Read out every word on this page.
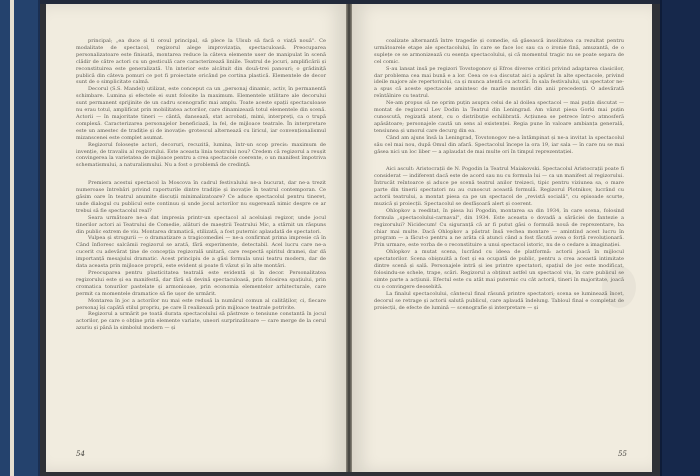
principal; „ea duce și ti oroul principal, să plece la Ulsub să facă o viață nouă". Ce modalitate de spectacol, regizorul alege improvizația, spectaculoasă. Preocuparea personalizatoare este finisată, montarea reduce la câteva elemente user de manipulat în scenă clădir de către actori cu un gesticulă care caracterizează liniile. Teatrul de jocuri, amplificării și reconstituirea este generalizată. Un interior este alcătuit din două-trei panouri; o grădiniță publică din câteva pomuri ce pot fi proiectate oricând pe cortina plastică. Elementele de decor sunt de o simplicitate calmă.

Decorul (S.S. Mandel) utilizat, este conceput ca un „personaj dinamic, activ, în permanentă schimbare. Lumina și efectele ei sunt folosite la maximum. Elementele utilitare ale decorului sunt permanent sprijinite de un cadru scenografic mai amplu. Toate aceste spații spectaculoase nu erau totul, amplificat prin mobilitatea actorilor, care dinamizează totul elementele din scenă. Actorii — în majoritate tineri — cântă, dansează, stat acrobați, mimi, interpreți, ca o trupă complexă. Caracterizarea personajelor beneficiază, la fel, de mijloace teatrale. În interpretare este un amestec de tradiție și de inovație: grotescul alternează cu liricul, iar convenționalismul mizanscenei este complet asumat.

Regizorul folosește actori, decoruri, recuzită, lumina, într-un scop precis: maximum de invenție, de travaliu al regizorului. Este aceasta linia teatrului nou? Credem că regizorul a reușit convingerea la varietatea de mijloace pentru a crea spectacole coerente, o un manifest împotriva schematismului, a naturalismului. Nu a fost o problemă de credință.

Premiera acestui spectacol la Moscova în cadrul festivalului ne-a bucurat, dar ne-a trezit numeroase întrebări privind raporturile dintre tradiție și inovație în teatrul contemporan. Ce găsim oare în teatrul anumite discuții minimalizatoare? Ce aduce spectacolul pentru tineret, unde dialogul cu publicul este continuu și unde jocul actorilor nu sugerează nimic despre ce ar trebui să fie spectacolul real?

Seara următoare ne-a dat impresia printr-un spectacol al aceluiași regizor, unde jocul tinerilor actori ai Teatrului de Comedie, alături de maeștrii Teatrului Mic, a stârnit un răspuns din public extrem de viu. Montarea dramatică, stilizată, a fost puternic aplaudată de spectatori.

Vulpea și strugurii — o dramatizare a tragicomediei — ne-a confirmat prima impresie că în Când înfloresc salcâmii regizorul se arată, fără experimente, detectabil. Acel lucru care ne-a cucerit cu adevărat ține de concepția regizorală unitară, care respectă spiritul dramei, dar dă importanță mesajului dramatic. Acest principiu de a găsi formula unui teatru modern, dar de data aceasta prin mijloace proprii, este evident și poate fi văzut și în alte montări.

Preocuparea pentru plasticitatea teatrală este evidentă și în decor. Personalitatea regizorului este și ea manifestă, dar fără să devină spectaculoasă, prin folosirea spațiului, prin cromatica tonurilor pastelate și armonioase, prin economia elementelor arhitecturale, care permit ca momentele dramatice să fie ușor de urmărit.

Montarea în joc a actorilor nu mai este redusă la numărul comun al calităților, ci, fiecare personaj își capătă stilul propriu, pe care îl realizează prin mijloace teatrale potrivite.

Regizorul a urmărit pe toată durata spectacolului să păstreze o tensiune constantă în jocul actorilor, pe care o obține prin elemente variate, uneori surprinzătoare — care merge de la cerul azuriu și până la simbolul modern — și

54

coalizate alternantă între tragedie și comedie, să găsească insolitatea ca rezultat pentru următoarele etape ale spectacolului, în care se face loc sau ca o ironie fină, amuzantă, de o suplețe ce se armonizează cu esența spectacolului, și că momentul tragic nu se poate separa de cel comic.

S-au lansat insă pe regizori Tovstogonov și Efros diverse critici privind adaptarea clasicilor, dar problema cea mai bună e a lor. Ceea ce s-a discutat aici a apărut în alte spectacole, privind ideile majore ale repertoriului, ca și munca atentă cu actorii. În sala festivalului, un spectator ne-a spus că aceste spectacole amintesc de marile montări din anii precedenți. O adevărată reîntâlnire cu teatrul.

Ne-am propus să ne oprim puțin asupra celui de al doilea spectacol — mai puțin discutat — montat de regizorul Lev Dodin la Teatrul din Leningrad. Am văzut piesa Gorki mai puțin cunoscută, regizată atent, cu o distribuție echilibrată. Acțiunea se petrece într-o atmosferă apăsătoare; personajele caută un sens al existenței. Regia pune în valoare ambianța generală, tensiunea și umorul care decurg din ea.

Când am ajuns însă la Leningrad, Tovstonogov ne-a întâmpinat și ne-a invitat la spectacolul său cel mai nou, după Omul din afară. Spectacolul începe la ora 19, iar sala — în care nu se mai găsea nici un loc liber — a aplaudat de mai multe ori în timpul reprezentației.

Aici ascult: Aristocrații de N. Pogodin la Teatrul Maiakovski. Spectacolul Aristocrații poate fi considerat — indiferent dacă este de acord sau nu cu formula lui — ca un manifest al regizorului. Întrucât reîntoarce și aduce pe scenă teatrul anilor treizeci, tipic pentru viziunea sa, o mare parte din tinerii spectatori nu au cunoscut această formulă. Regizorul Plotnikov, lucrând cu actorii teatrului, a montat piesa ca pe un spectacol de „revistă socială", cu episoade scurte, muzică și proiecții. Spectacolul se desfășoară alert și coerent.

Ohlopkov a reeditat, în piesa lui Pogodin, montarea sa din 1934, în care scena, folosind formula „spectacolului-carnaval", din 1934. Este aceasta o dovadă a sărăciei de fantezie a regizorului? Nicidecum! Cu siguranță că ar fi putut găsi o formulă nouă de reprezentare, ba chiar mai multe. Dacă Ohlopkov a păstrat însă vechea montare — amintind acest lucru în program — a făcut-o pentru a ne arăta că atunci când a fost făcută avea o forță revoluționară. Prin urmare, este vorba de o reconstituire a unui spectacol istoric, nu de o cedare a imaginației.

Ohlopkov a mutat scena, lucrând cu ideea de platformă: actorii joacă în mijlocul spectatorilor. Scena obișnuită a fost și ea ocupată de public, pentru a crea această intimitate dintre scenă și sală. Personajele intră și ies printre spectatori, spațiul de joc este modificat, folosindu-se schele, trape, scări. Regizorul a obținut astfel un spectacol viu, în care publicul se simte parte a acțiunii. Efectul este cu atât mai puternic cu cât actorii, tineri în majoritate, joacă cu o convingere deosebită.

La finalul spectacolului, cântecul final răsună printre spectatori; scena se luminează încet, decorul se retrage și actorii salută publicul, care aplaudă îndelung. Tabloul final e completat de proiecții, de efecte de lumină — scenografie și interpretare — și

55
